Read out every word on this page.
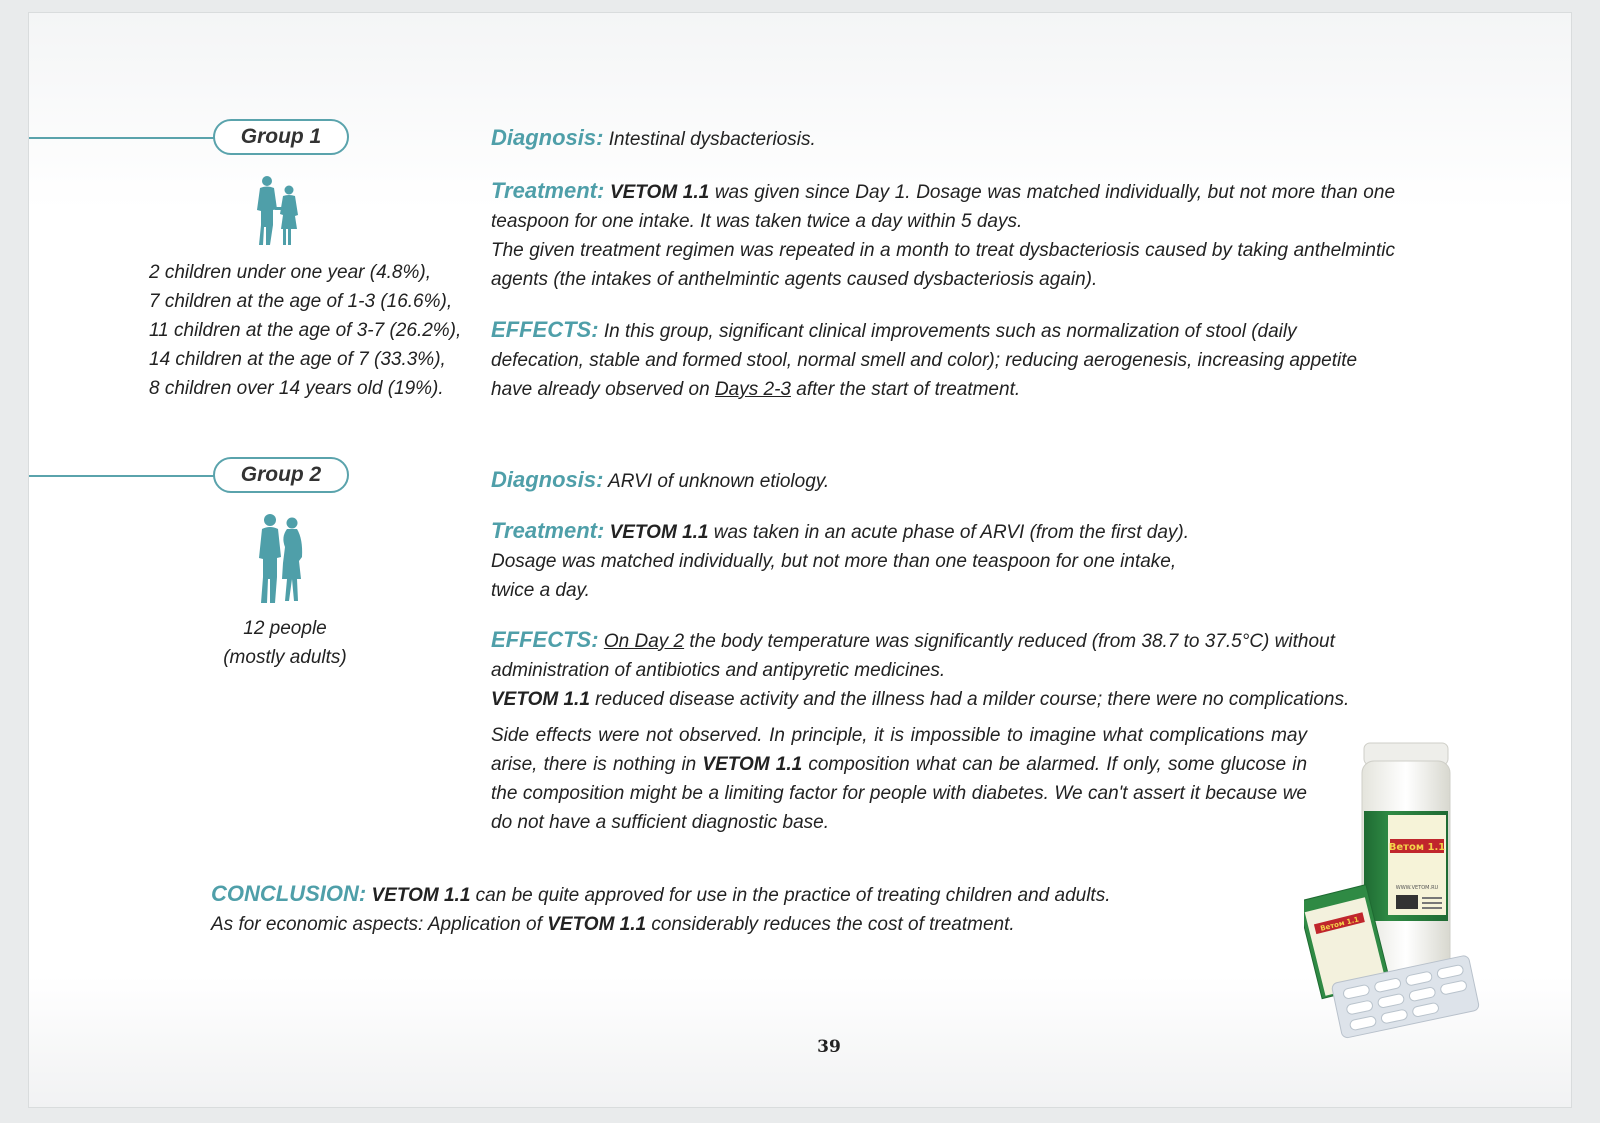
Group 1
2 children under one year (4.8%),
7 children at the age of 1-3 (16.6%),
11 children at the age of 3-7 (26.2%),
14 children at the age of 7 (33.3%),
8 children over 14 years old (19%).
Diagnosis: Intestinal dysbacteriosis.

Treatment: VETOM 1.1 was given since Day 1. Dosage was matched individually, but not more than one teaspoon for one intake. It was taken twice a day within 5 days.

The given treatment regimen was repeated in a month to treat dysbacteriosis caused by taking anthelmintic agents (the intakes of anthelmintic agents caused dysbacteriosis again).

EFFECTS: In this group, significant clinical improvements such as normalization of stool (daily defecation, stable and formed stool, normal smell and color); reducing aerogenesis, increasing appetite have already observed on Days 2-3 after the start of treatment.
Group 2
12 people
(mostly adults)
Diagnosis: ARVI of unknown etiology.
Treatment: VETOM 1.1 was taken in an acute phase of ARVI (from the first day).
Dosage was matched individually, but not more than one teaspoon for one intake,
twice a day.

EFFECTS: On Day 2 the body temperature was significantly reduced (from 38.7 to 37.5°C) without administration of antibiotics and antipyretic medicines.

VETOM 1.1 reduced disease activity and the illness had a milder course; there were no complications.

Side effects were not observed. In principle, it is impossible to imagine what complications may arise, there is nothing in VETOM 1.1 composition what can be alarmed. If only, some glucose in the composition might be a limiting factor for people with diabetes. We can't assert it because we do not have a sufficient diagnostic base.
CONCLUSION: VETOM 1.1 can be quite approved for use in the practice of treating children and adults.
As for economic aspects: Application of VETOM 1.1 considerably reduces the cost of treatment.
Ветом 1.1
WWW.VETOM.RU
Ветом 1.1
39
